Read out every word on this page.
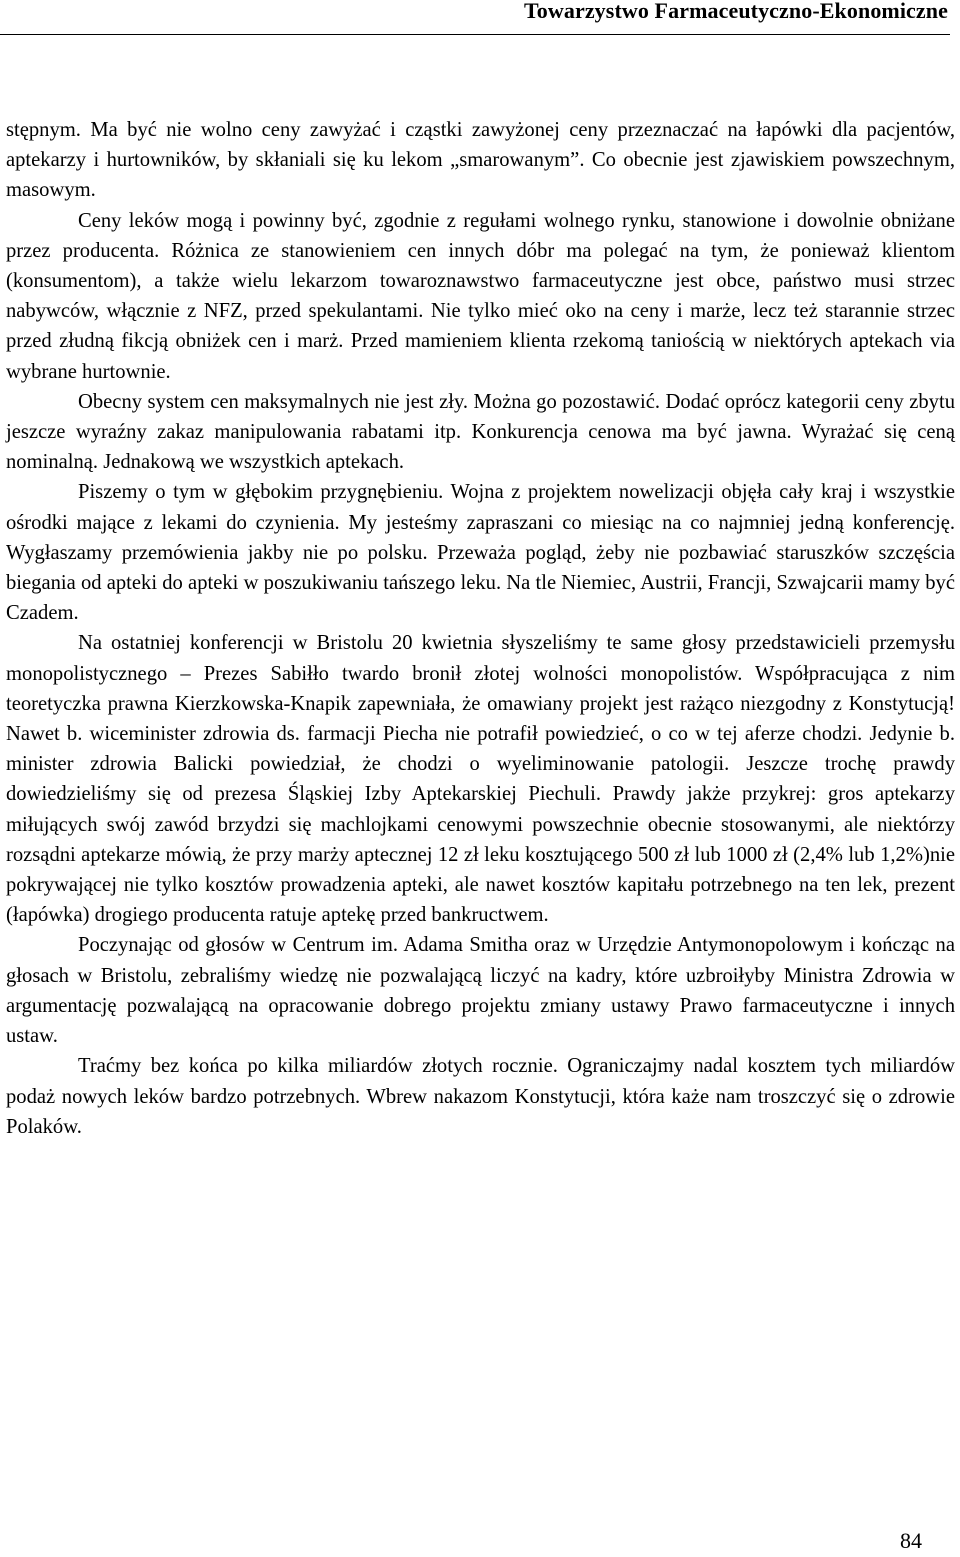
Towarzystwo Farmaceutyczno-Ekonomiczne

stępnym. Ma być nie wolno ceny zawyżać i cząstki zawyżonej ceny przeznaczać na łapówki dla pacjentów, aptekarzy i hurtowników, by skłaniali się ku lekom „smarowanym”. Co obecnie jest zjawiskiem powszechnym, masowym.

Ceny leków mogą i powinny być, zgodnie z regułami wolnego rynku, stanowione i dowolnie obniżane przez producenta. Różnica ze stanowieniem cen innych dóbr ma polegać na tym, że ponieważ klientom (konsumentom), a także wielu lekarzom towaroznawstwo farmaceutyczne jest obce, państwo musi strzec nabywców, włącznie z NFZ, przed spekulantami. Nie tylko mieć oko na ceny i marże, lecz też starannie strzec przed złudną fikcją obniżek cen i marż. Przed mamieniem klienta rzekomą taniością w niektórych aptekach via wybrane hurtownie.

Obecny system cen maksymalnych nie jest zły. Można go pozostawić. Dodać oprócz kategorii ceny zbytu jeszcze wyraźny zakaz manipulowania rabatami itp. Konkurencja cenowa ma być jawna. Wyrażać się ceną nominalną. Jednakową we wszystkich aptekach.

Piszemy o tym w głębokim przygnębieniu. Wojna z projektem nowelizacji objęła cały kraj i wszystkie ośrodki mające z lekami do czynienia. My jesteśmy zapraszani co miesiąc na co najmniej jedną konferencję. Wygłaszamy przemówienia jakby nie po polsku. Przeważa pogląd, żeby nie pozbawiać staruszków szczęścia biegania od apteki do apteki w poszukiwaniu tańszego leku. Na tle Niemiec, Austrii, Francji, Szwajcarii mamy być Czadem.

Na ostatniej konferencji w Bristolu 20 kwietnia słyszeliśmy te same głosy przedstawicieli przemysłu monopolistycznego – Prezes Sabiłło twardo bronił złotej wolności monopolistów. Współpracująca z nim teoretyczka prawna Kierzkowska-Knapik zapewniała, że omawiany projekt jest rażąco niezgodny z Konstytucją! Nawet b. wiceminister zdrowia ds. farmacji Piecha nie potrafił powiedzieć, o co w tej aferze chodzi. Jedynie b. minister zdrowia Balicki powiedział, że chodzi o wyeliminowanie patologii. Jeszcze trochę prawdy dowiedzieliśmy się od prezesa Śląskiej Izby Aptekarskiej Piechuli. Prawdy jakże przykrej: gros aptekarzy miłujących swój zawód brzydzi się machlojkami cenowymi powszechnie obecnie stosowanymi, ale niektórzy rozsądni aptekarze mówią, że przy marży aptecznej 12 zł leku kosztującego 500 zł lub 1000 zł (2,4% lub 1,2%)nie pokrywającej nie tylko kosztów prowadzenia apteki, ale nawet kosztów kapitału potrzebnego na ten lek, prezent (łapówka) drogiego producenta ratuje aptekę przed bankructwem.

Poczynając od głosów w Centrum im. Adama Smitha oraz w Urzędzie Antymonopolowym i kończąc na głosach w Bristolu, zebraliśmy wiedzę nie pozwalającą liczyć na kadry, które uzbroiłyby Ministra Zdrowia w argumentację pozwalającą na opracowanie dobrego projektu zmiany ustawy Prawo farmaceutyczne i innych ustaw.

Traćmy bez końca po kilka miliardów złotych rocznie. Ograniczajmy nadal kosztem tych miliardów podaż nowych leków bardzo potrzebnych. Wbrew nakazom Konstytucji, która każe nam troszczyć się o zdrowie Polaków.

84
